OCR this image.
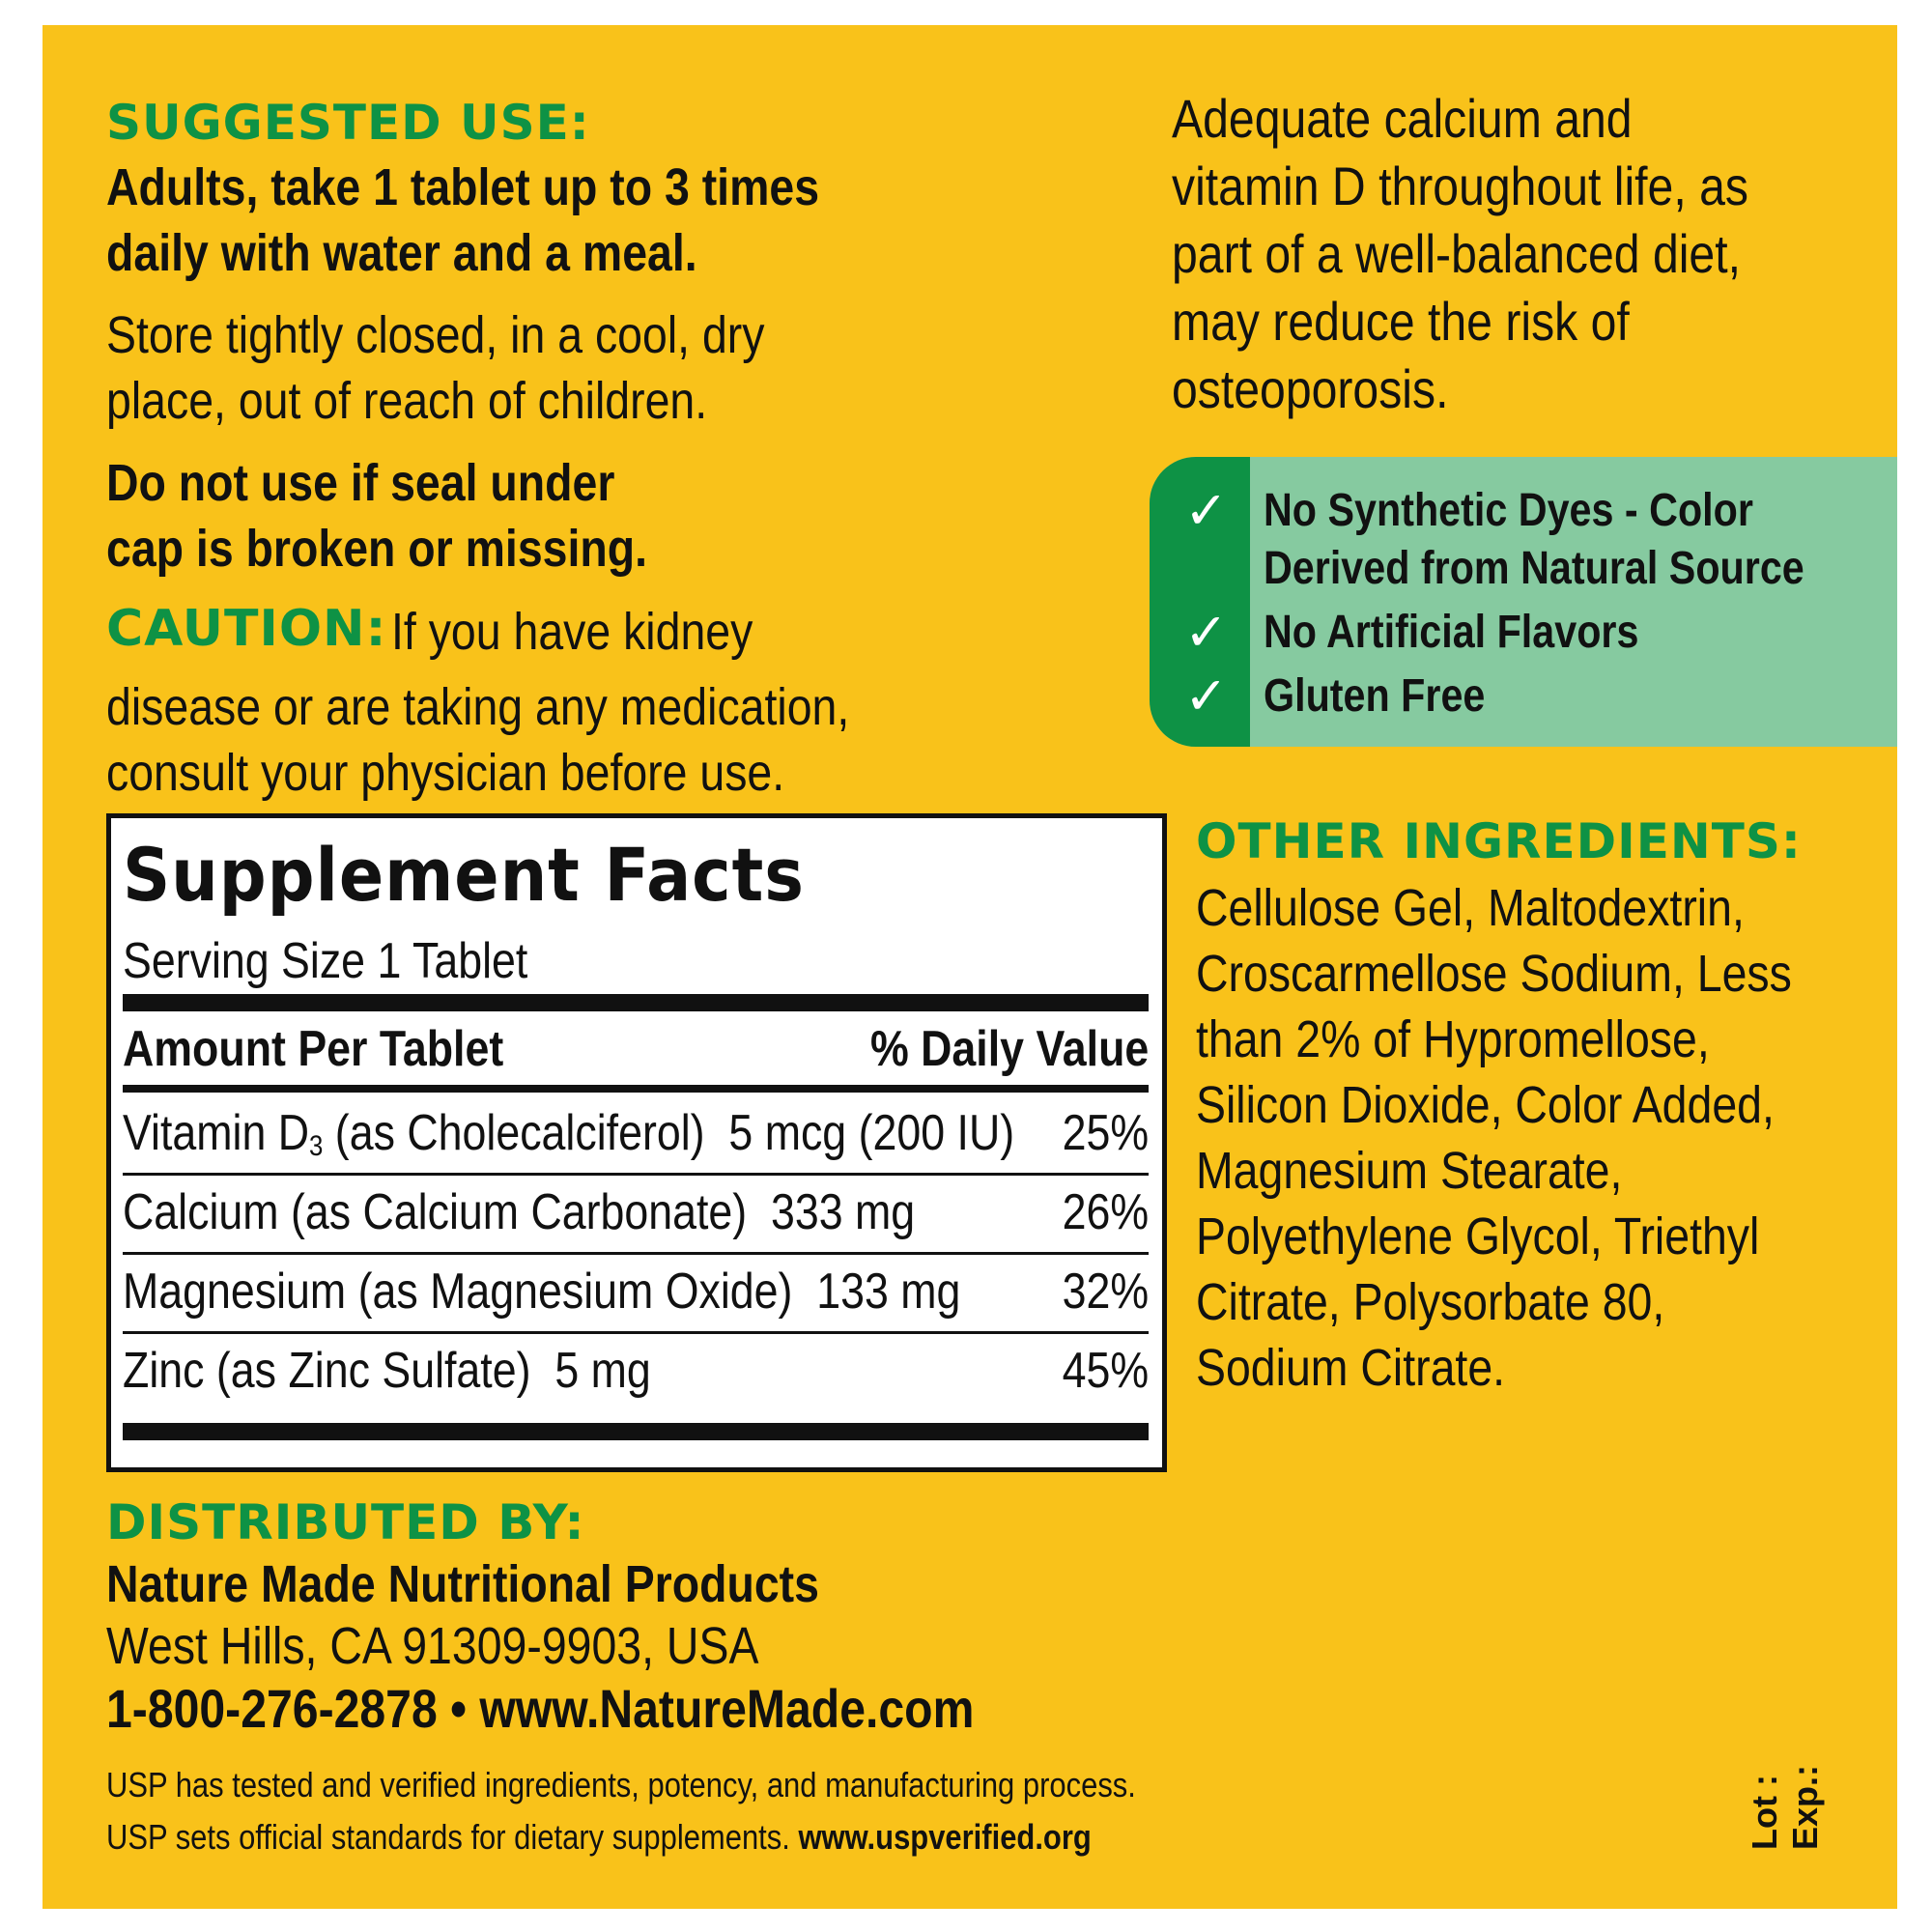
SUGGESTED USE:
Adults, take 1 tablet up to 3 times
daily with water and a meal.
Store tightly closed, in a cool, dry
place, out of reach of children.
Do not use if seal under
cap is broken or missing.
CAUTION: If you have kidney
disease or are taking any medication,
consult your physician before use.
Adequate calcium and
vitamin D throughout life, as
part of a well-balanced diet,
may reduce the risk of
osteoporosis.
✓ No Synthetic Dyes - Color
Derived from Natural Source
✓ No Artificial Flavors
✓ Gluten Free
OTHER INGREDIENTS:
Cellulose Gel, Maltodextrin,
Croscarmellose Sodium, Less
than 2% of Hypromellose,
Silicon Dioxide, Color Added,
Magnesium Stearate,
Polyethylene Glycol, Triethyl
Citrate, Polysorbate 80,
Sodium Citrate.
Supplement Facts
Serving Size 1 Tablet
Amount Per Tablet	% Daily Value
Vitamin $D_3$ (as Cholecalciferol)  5 mcg (200 IU) 25%
Calcium (as Calcium Carbonate)  333 mg	26%
Magnesium (as Magnesium Oxide)  133 mg 32%
Zinc (as Zinc Sulfate)  5 mg	45%
DISTRIBUTED BY:
Nature Made Nutritional Products
West Hills, CA 91309-9903, USA
1-800-276-2878 • www.NatureMade.com
USP has tested and verified ingredients, potency, and manufacturing process.
USP sets official standards for dietary supplements. www.uspverified.org	Lot : Exp.:
